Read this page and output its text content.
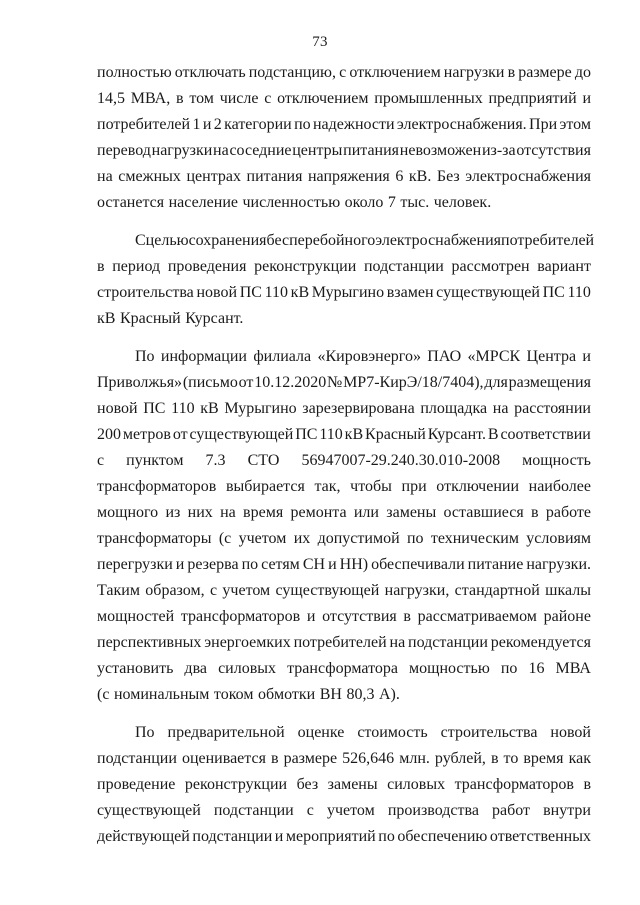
73
полностью отключать подстанцию, с отключением нагрузки в размере до
14,5 МВА, в том числе с отключением промышленных предприятий и
потребителей 1 и 2 категории по надежности электроснабжения. При этом
перевод нагрузки на соседние центры питания невозможен из-за отсутствия
на смежных центрах питания напряжения 6 кВ. Без электроснабжения
останется население численностью около 7 тыс. человек.
С целью сохранения бесперебойного электроснабжения потребителей
в период проведения реконструкции подстанции рассмотрен вариант
строительства новой ПС 110 кВ Мурыгино взамен существующей ПС 110
кВ Красный Курсант.
По информации филиала «Кировэнерго» ПАО «МРСК Центра и
Приволжья» (письмо от 10.12.2020 № МР7-КирЭ/18/7404), для размещения
новой ПС 110 кВ Мурыгино зарезервирована площадка на расстоянии
200 метров от существующей ПС 110 кВ Красный Курсант. В соответствии
с пунктом 7.3 СТО 56947007-29.240.30.010-2008 мощность
трансформаторов выбирается так, чтобы при отключении наиболее
мощного из них на время ремонта или замены оставшиеся в работе
трансформаторы (с учетом их допустимой по техническим условиям
перегрузки и резерва по сетям СН и НН) обеспечивали питание нагрузки.
Таким образом, с учетом существующей нагрузки, стандартной шкалы
мощностей трансформаторов и отсутствия в рассматриваемом районе
перспективных энергоемких потребителей на подстанции рекомендуется
установить два силовых трансформатора мощностью по 16 МВА
(с номинальным током обмотки ВН 80,3 А).
По предварительной оценке стоимость строительства новой
подстанции оценивается в размере 526,646 млн. рублей, в то время как
проведение реконструкции без замены силовых трансформаторов в
существующей подстанции с учетом производства работ внутри
действующей подстанции и мероприятий по обеспечению ответственных
